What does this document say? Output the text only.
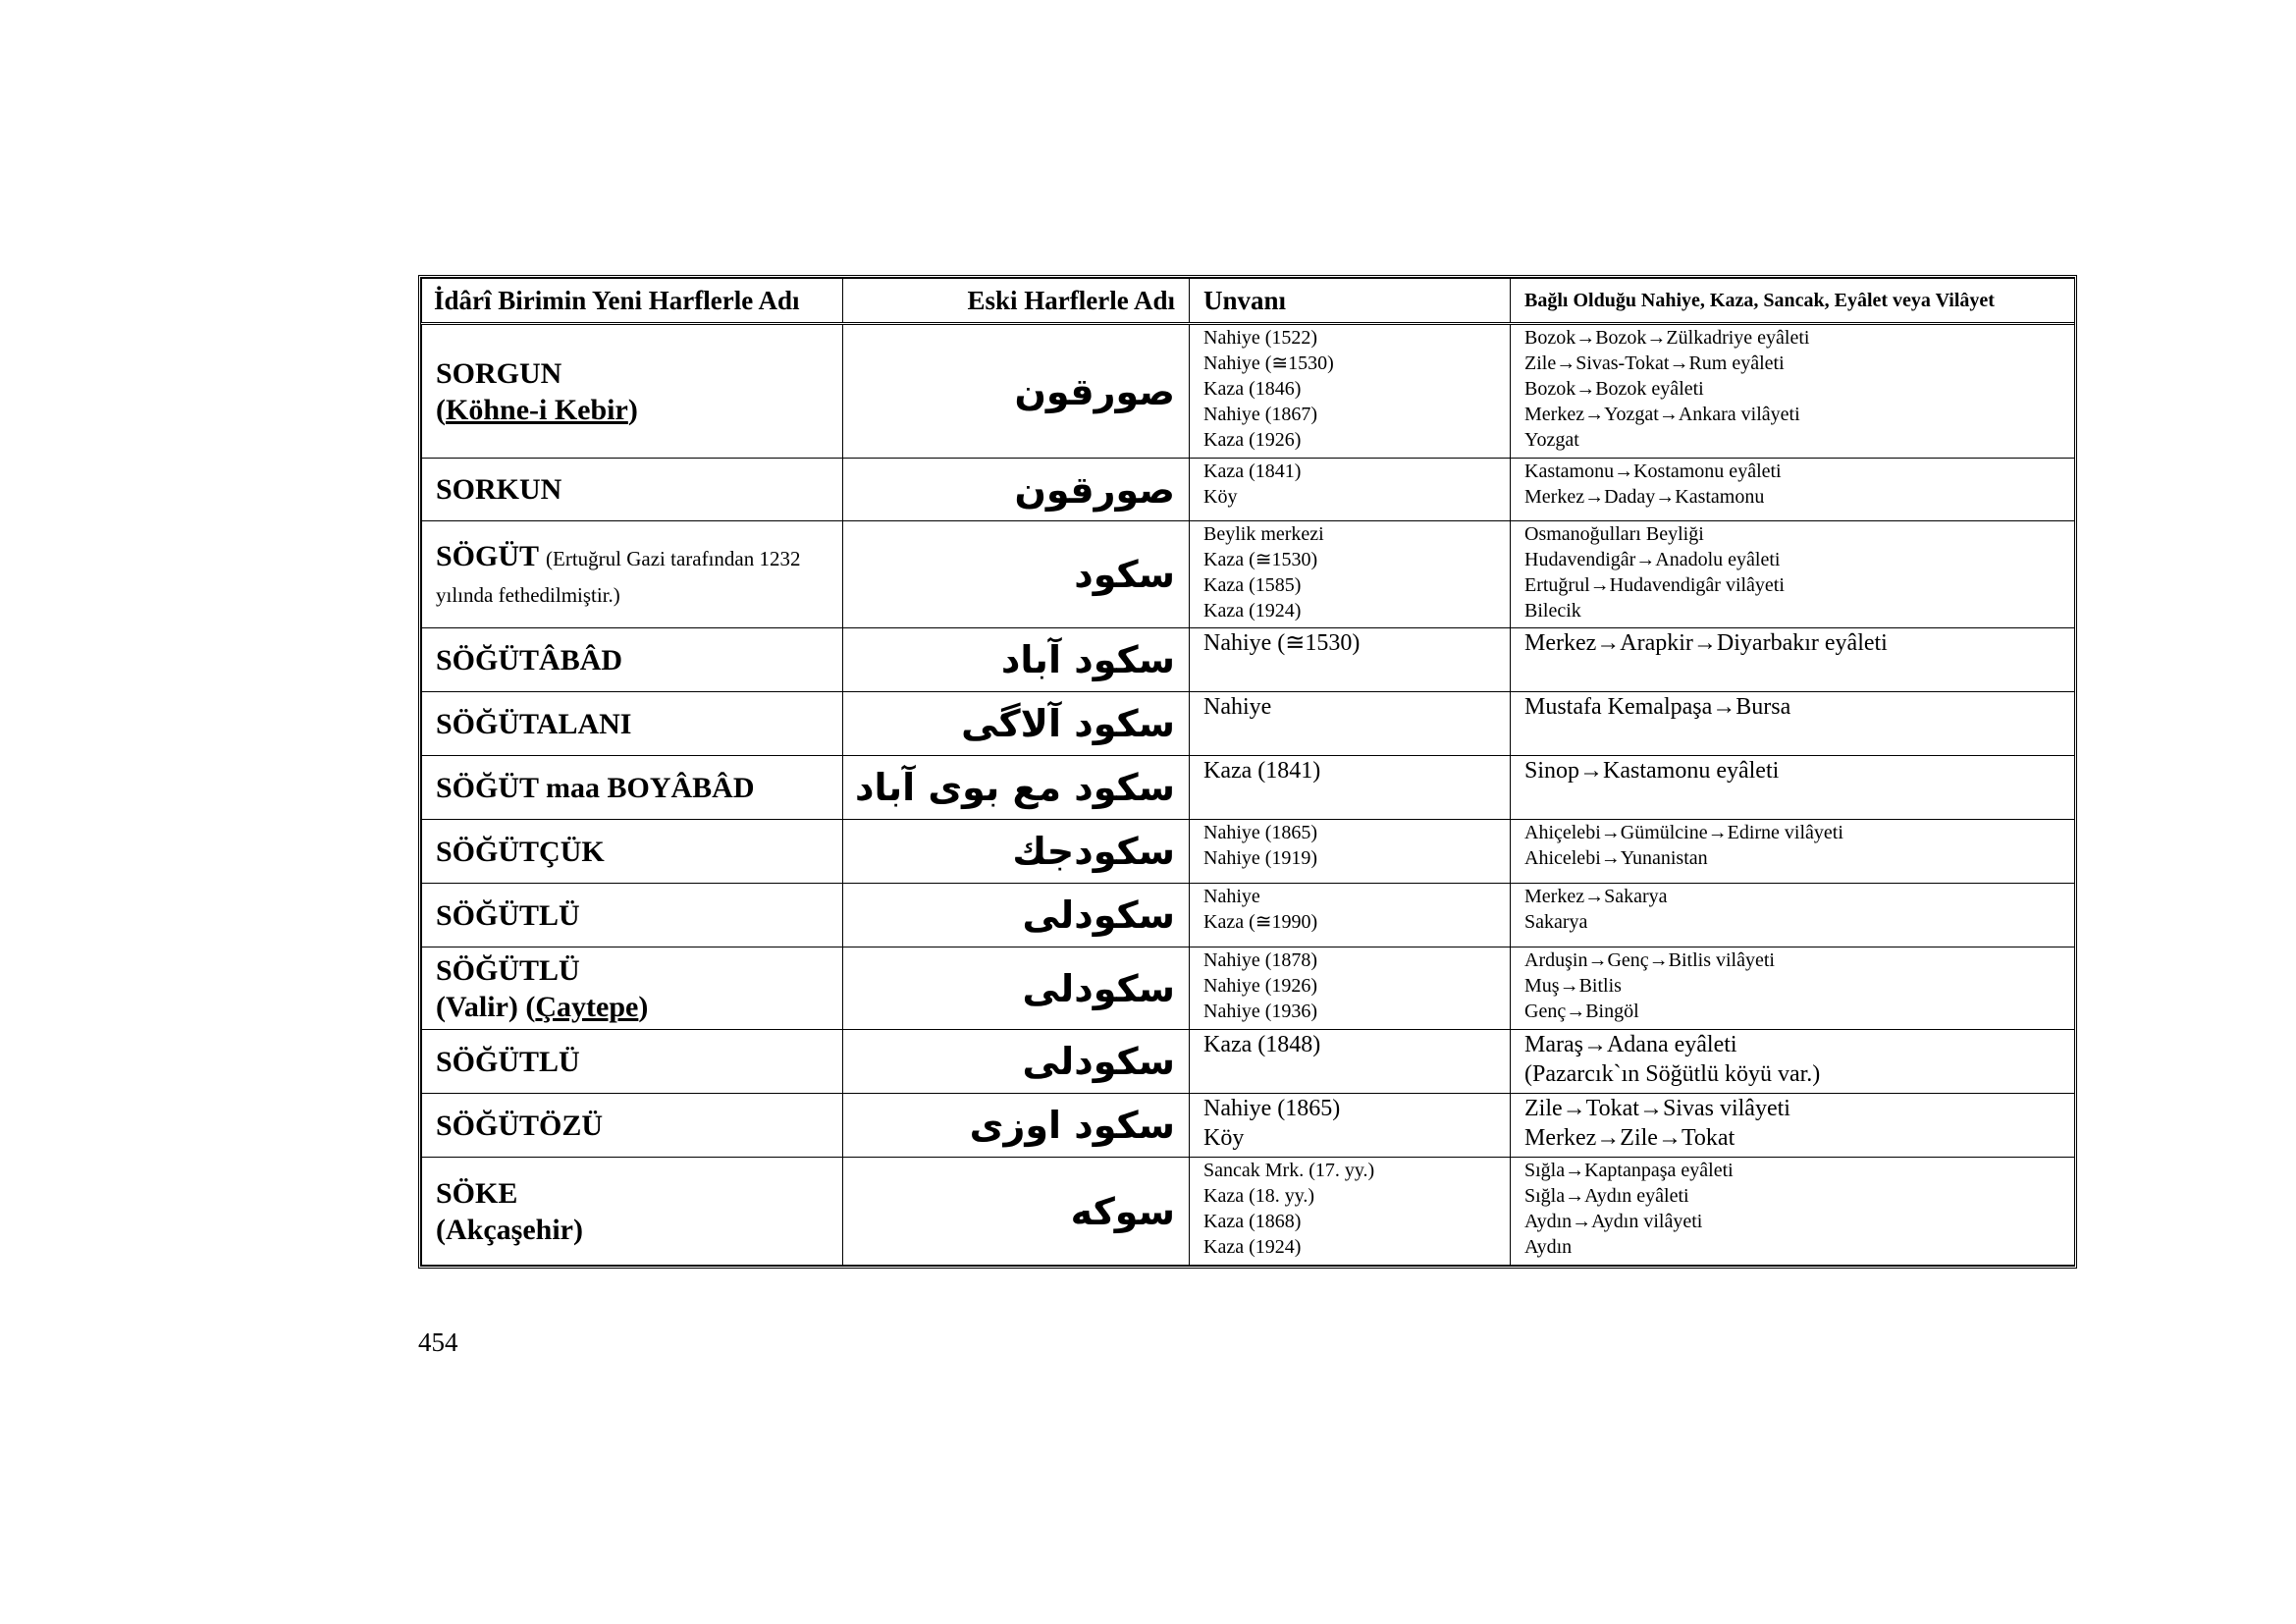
İdârî Birimin Yeni Harflerle Adı	Eski Harflerle Adı	Unvanı	Bağlı Olduğu Nahiye, Kaza, Sancak, Eyâlet veya Vilâyet

SORGUN
(Köhne-i Kebir)	صورقون	Nahiye (1522)
Nahiye (≅1530)
Kaza (1846)
Nahiye (1867)
Kaza (1926)	Bozok→Bozok→Zülkadriye eyâleti
Zile→Sivas-Tokat→Rum eyâleti
Bozok→Bozok eyâleti
Merkez→Yozgat→Ankara vilâyeti
Yozgat

SORKUN	صورقون	Kaza (1841)
Köy	Kastamonu→Kostamonu eyâleti
Merkez→Daday→Kastamonu

SÖGÜT (Ertuğrul Gazi tarafından 1232 yılında fethedilmiştir.)	سكود	Beylik merkezi
Kaza (≅1530)
Kaza (1585)
Kaza (1924)	Osmanoğulları Beyliği
Hudavendigâr→Anadolu eyâleti
Ertuğrul→Hudavendigâr vilâyeti
Bilecik

SÖĞÜTÂBÂD	سكود آباد	Nahiye (≅1530)	Merkez→Arapkir→Diyarbakır eyâleti

SÖĞÜTALANI	سكود آلاگى	Nahiye	Mustafa Kemalpaşa→Bursa

SÖĞÜT maa BOYÂBÂD	سكود مع بوى آباد	Kaza (1841)	Sinop→Kastamonu eyâleti

SÖĞÜTÇÜK	سكودجك	Nahiye (1865)
Nahiye (1919)	Ahiçelebi→Gümülcine→Edirne vilâyeti
Ahicelebi→Yunanistan

SÖĞÜTLÜ	سكودلى	Nahiye
Kaza (≅1990)	Merkez→Sakarya
Sakarya

SÖĞÜTLÜ
(Valir) (Çaytepe)	سكودلى	Nahiye (1878)
Nahiye (1926)
Nahiye (1936)	Arduşin→Genç→Bitlis vilâyeti
Muş→Bitlis
Genç→Bingöl

SÖĞÜTLÜ	سكودلى	Kaza (1848)	Maraş→Adana eyâleti
(Pazarcık`ın Söğütlü köyü var.)

SÖĞÜTÖZÜ	سكود اوزى	Nahiye (1865)
Köy	Zile→Tokat→Sivas vilâyeti
Merkez→Zile→Tokat

SÖKE
(Akçaşehir)	سوكه	Sancak Mrk. (17. yy.)
Kaza (18. yy.)
Kaza (1868)
Kaza (1924)	Sığla→Kaptanpaşa eyâleti
Sığla→Aydın eyâleti
Aydın→Aydın vilâyeti
Aydın
454
